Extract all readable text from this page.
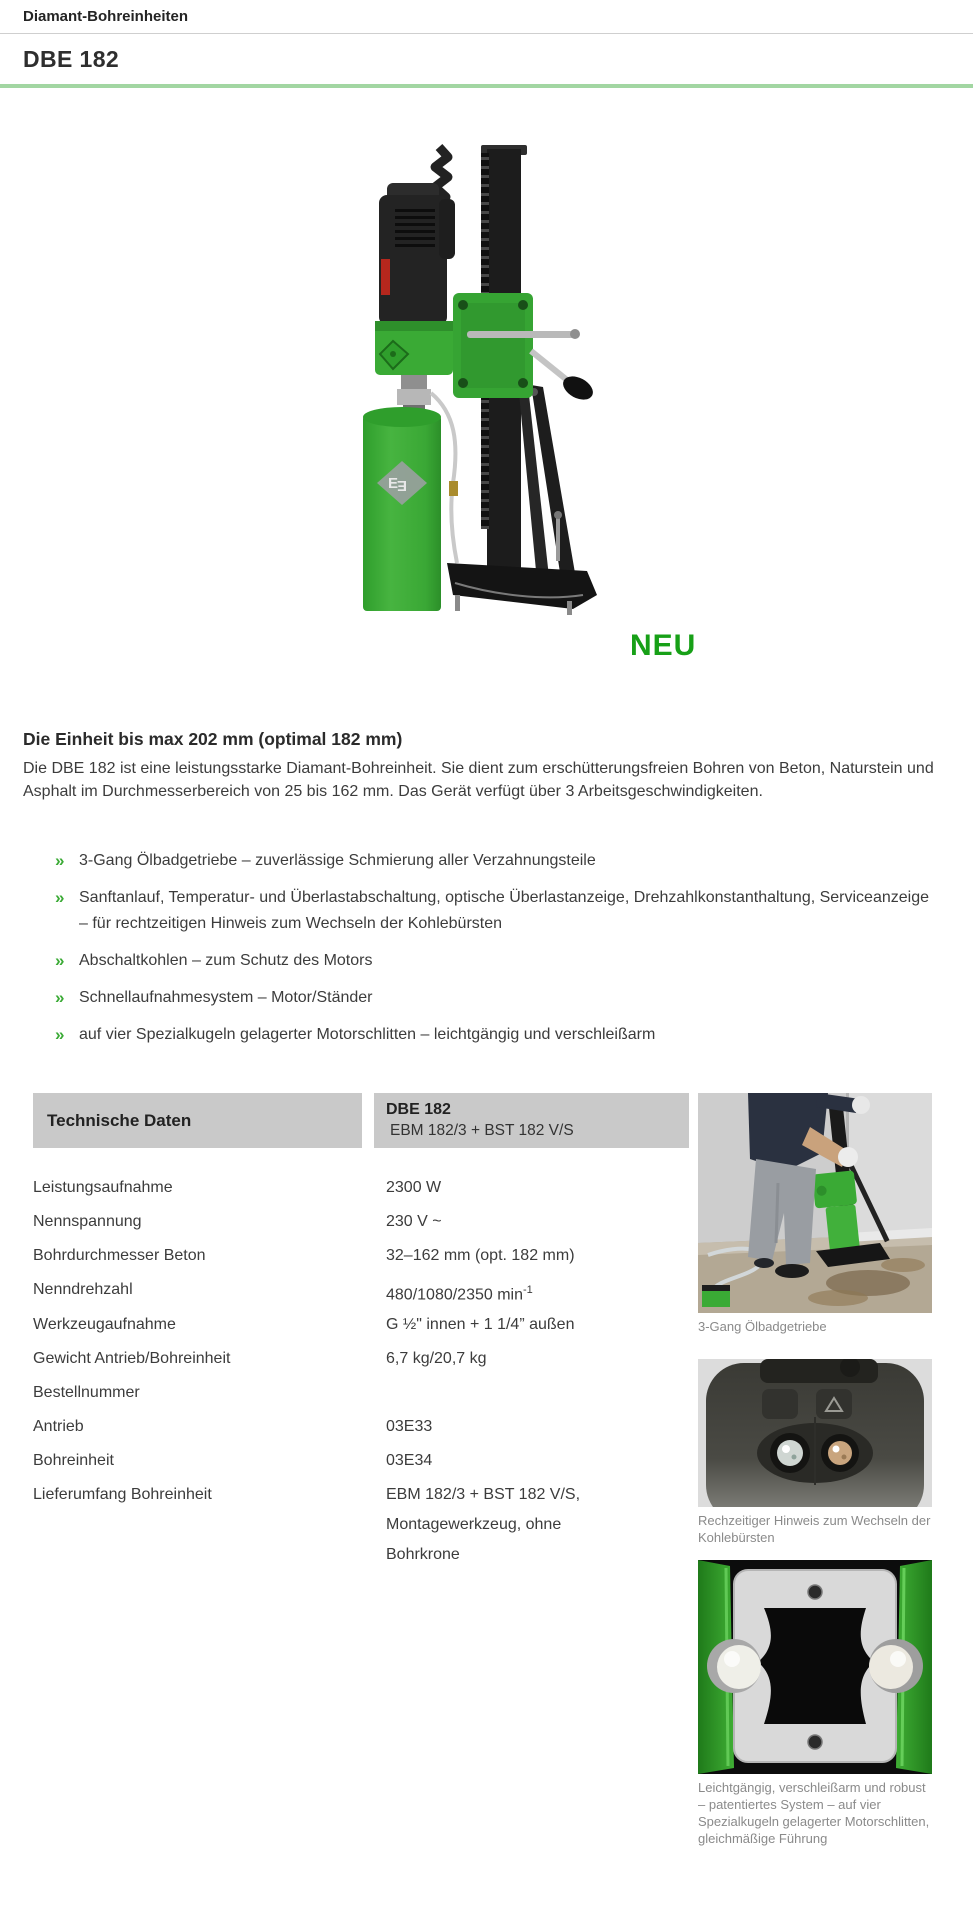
Diamant-Bohreinheiten
DBE 182
E
E
NEU
Die Einheit bis max 202 mm (optimal 182 mm)

Die DBE 182 ist eine leistungsstarke Diamant-Bohreinheit. Sie dient zum erschütterungsfreien Bohren von Beton, Naturstein und Asphalt im Durchmesserbereich von 25 bis 162 mm. Das Gerät verfügt über 3 Arbeitsgeschwindigkeiten.

» 3-Gang Ölbadgetriebe – zuverlässige Schmierung aller Verzahnungsteile
» Sanftanlauf, Temperatur- und Überlastabschaltung, optische Überlastanzeige, Drehzahlkonstanthaltung, Serviceanzeige – für rechtzeitigen Hinweis zum Wechseln der Kohlebürsten
» Abschaltkohlen – zum Schutz des Motors
» Schnellaufnahmesystem – Motor/Ständer
» auf vier Spezialkugeln gelagerter Motorschlitten – leichtgängig und verschleißarm
Technische Daten
DBE 182
EBM 182/3 + BST 182 V/S
Leistungsaufnahme	2300 W
Nennspannung	230 V ~
Bohrdurchmesser Beton	32–162 mm (opt. 182 mm)
Nenndrehzahl	480/1080/2350 $\min^{-1}$
Werkzeugaufnahme	G ½" innen + 1 1/4” außen
Gewicht Antrieb/Bohreinheit	6,7 kg/20,7 kg
Bestellnummer
Antrieb	03E33
Bohreinheit	03E34
Lieferumfang Bohreinheit	EBM 182/3 + BST 182 V/S, Montagewerkzeug, ohne Bohrkrone
3-Gang Ölbadgetriebe
Rechzeitiger Hinweis zum Wechseln der Kohlebürsten
Leichtgängig, verschleißarm und robust – patentiertes System – auf vier Spezialkugeln gelagerter Motorschlitten, gleichmäßige Führung
